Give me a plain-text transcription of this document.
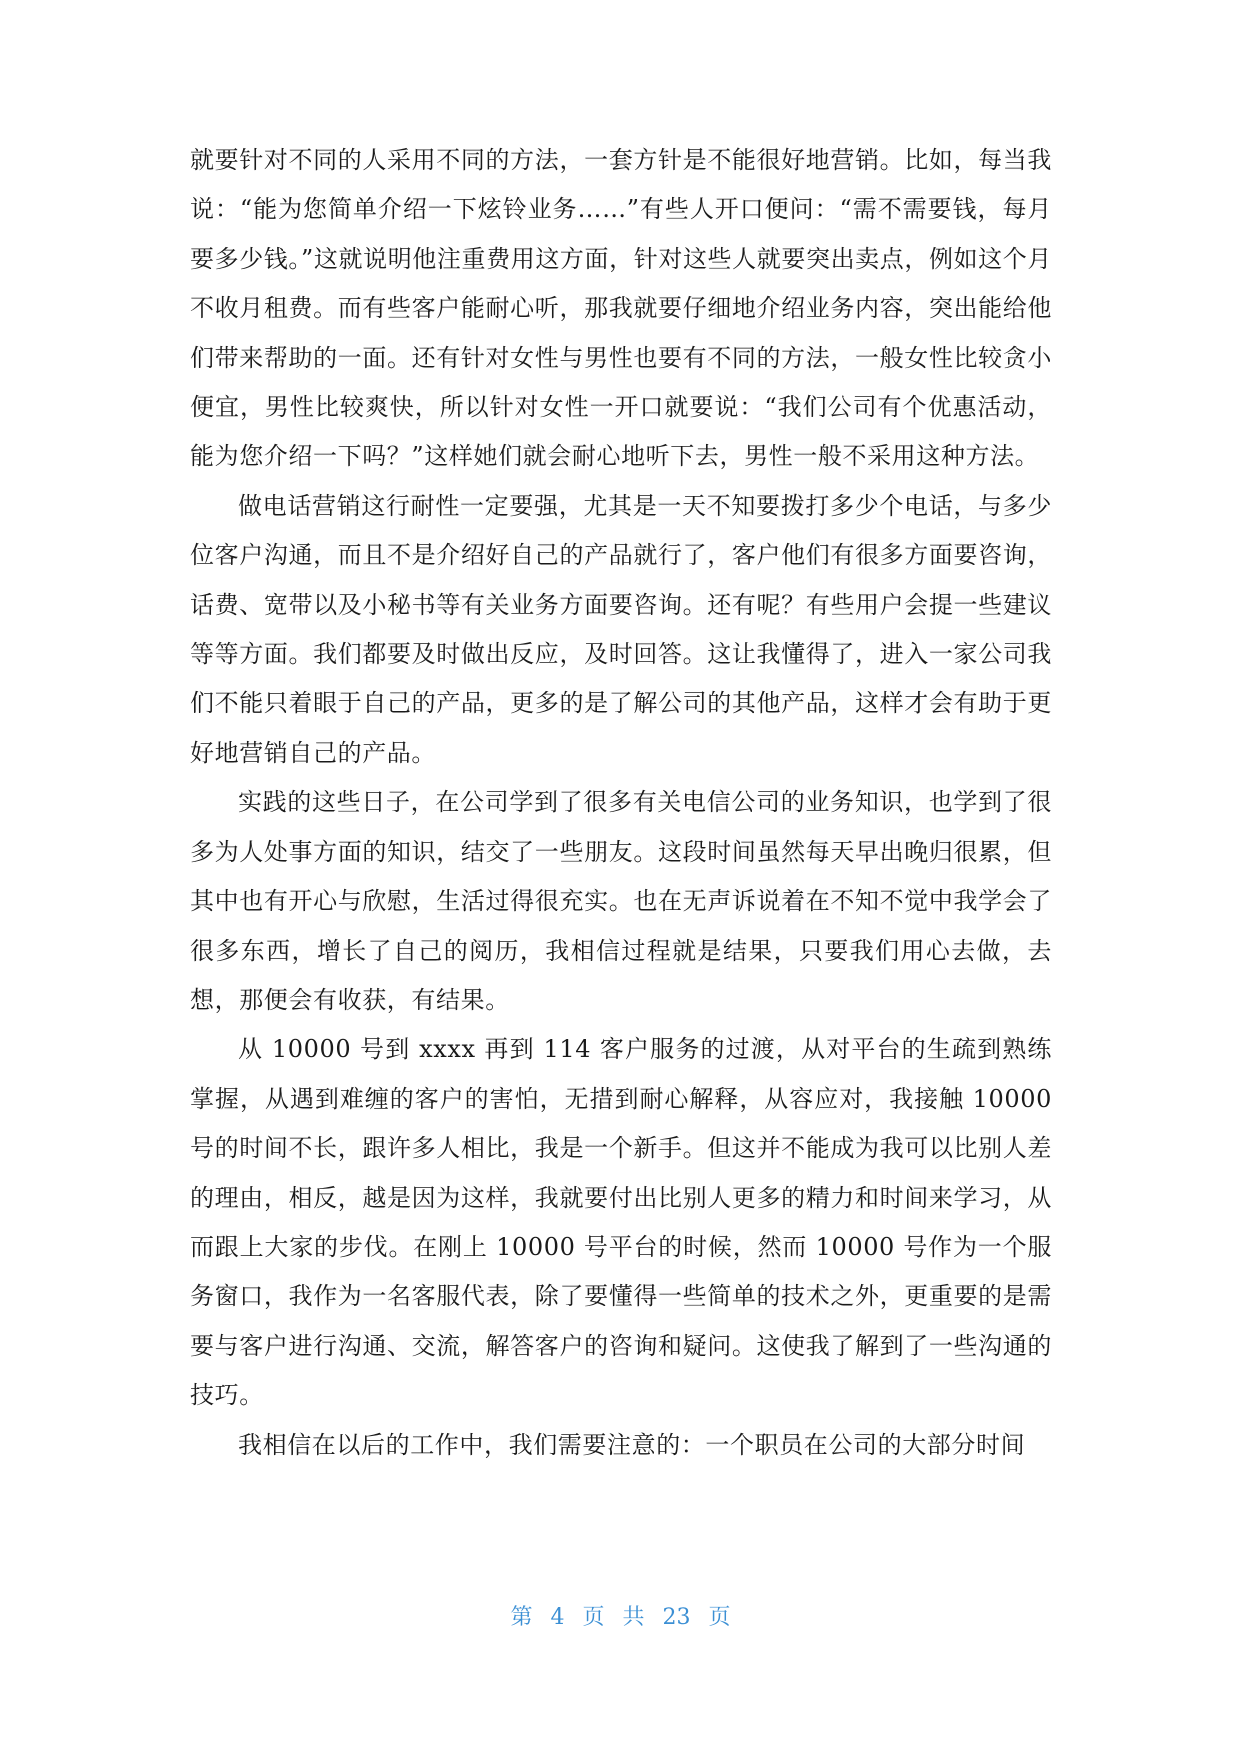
就要针对不同的人采用不同的方法，一套方针是不能很好地营销。比如，每当我说：“能为您简单介绍一下炫铃业务……”有些人开口便问：“需不需要钱，每月要多少钱。”这就说明他注重费用这方面，针对这些人就要突出卖点，例如这个月不收月租费。而有些客户能耐心听，那我就要仔细地介绍业务内容，突出能给他们带来帮助的一面。还有针对女性与男性也要有不同的方法，一般女性比较贪小便宜，男性比较爽快，所以针对女性一开口就要说：“我们公司有个优惠活动，能为您介绍一下吗？”这样她们就会耐心地听下去，男性一般不采用这种方法。

做电话营销这行耐性一定要强，尤其是一天不知要拨打多少个电话，与多少位客户沟通，而且不是介绍好自己的产品就行了，客户他们有很多方面要咨询，话费、宽带以及小秘书等有关业务方面要咨询。还有呢？有些用户会提一些建议等等方面。我们都要及时做出反应，及时回答。这让我懂得了，进入一家公司我们不能只着眼于自己的产品，更多的是了解公司的其他产品，这样才会有助于更好地营销自己的产品。

实践的这些日子，在公司学到了很多有关电信公司的业务知识，也学到了很多为人处事方面的知识，结交了一些朋友。这段时间虽然每天早出晚归很累，但其中也有开心与欣慰，生活过得很充实。也在无声诉说着在不知不觉中我学会了很多东西，增长了自己的阅历，我相信过程就是结果，只要我们用心去做，去想，那便会有收获，有结果。

从 10000 号到 xxxx 再到 114 客户服务的过渡，从对平台的生疏到熟练掌握，从遇到难缠的客户的害怕，无措到耐心解释，从容应对，我接触 10000 号的时间不长，跟许多人相比，我是一个新手。但这并不能成为我可以比别人差的理由，相反，越是因为这样，我就要付出比别人更多的精力和时间来学习，从而跟上大家的步伐。在刚上 10000 号平台的时候，然而 10000 号作为一个服务窗口，我作为一名客服代表，除了要懂得一些简单的技术之外，更重要的是需要与客户进行沟通、交流，解答客户的咨询和疑问。这使我了解到了一些沟通的技巧。

我相信在以后的工作中，我们需要注意的：一个职员在公司的大部分时间

第 4 页 共 23 页
